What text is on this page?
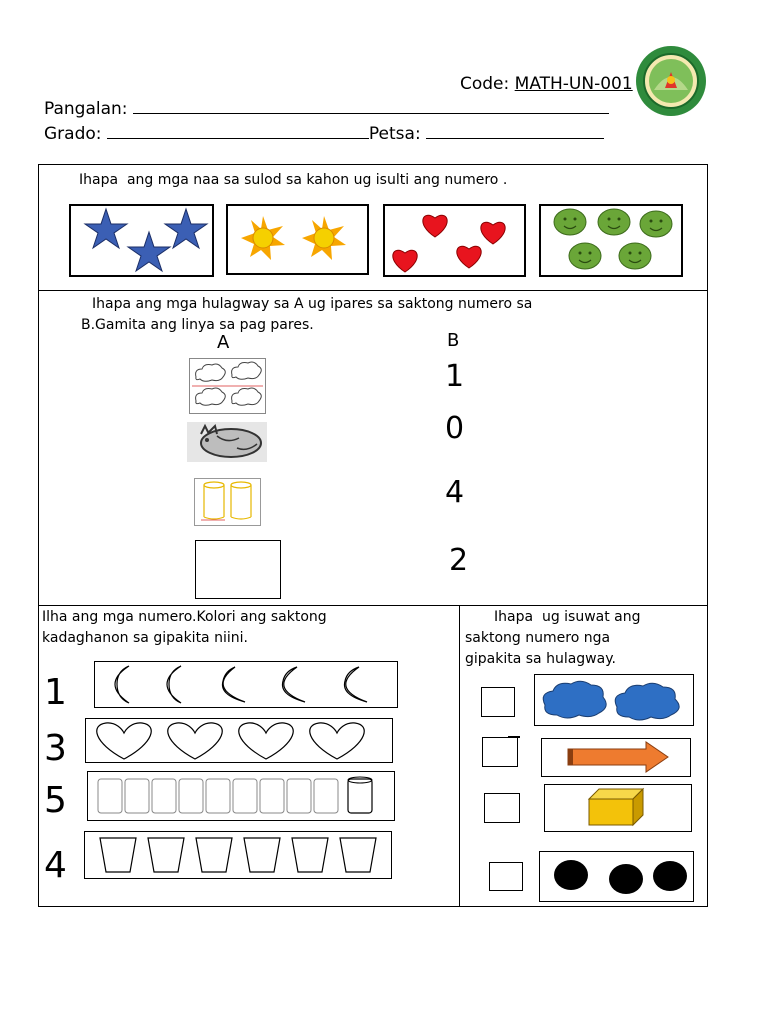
Code: MATH-UN-001
Pangalan:
Grado:	Petsa:
Ihapa  ang mga naa sa sulod sa kahon ug isulti ang numero .
Ihapa ang mga hulagway sa A ug ipares sa saktong numero sa
B.Gamita ang linya sa pag pares.
A	B
1
0
4
2
Ilha ang mga numero.Kolori ang saktong
kadaghanon sa gipakita niini.
1
3
5
4
Ihapa  ug isuwat ang
saktong numero nga
gipakita sa hulagway.
